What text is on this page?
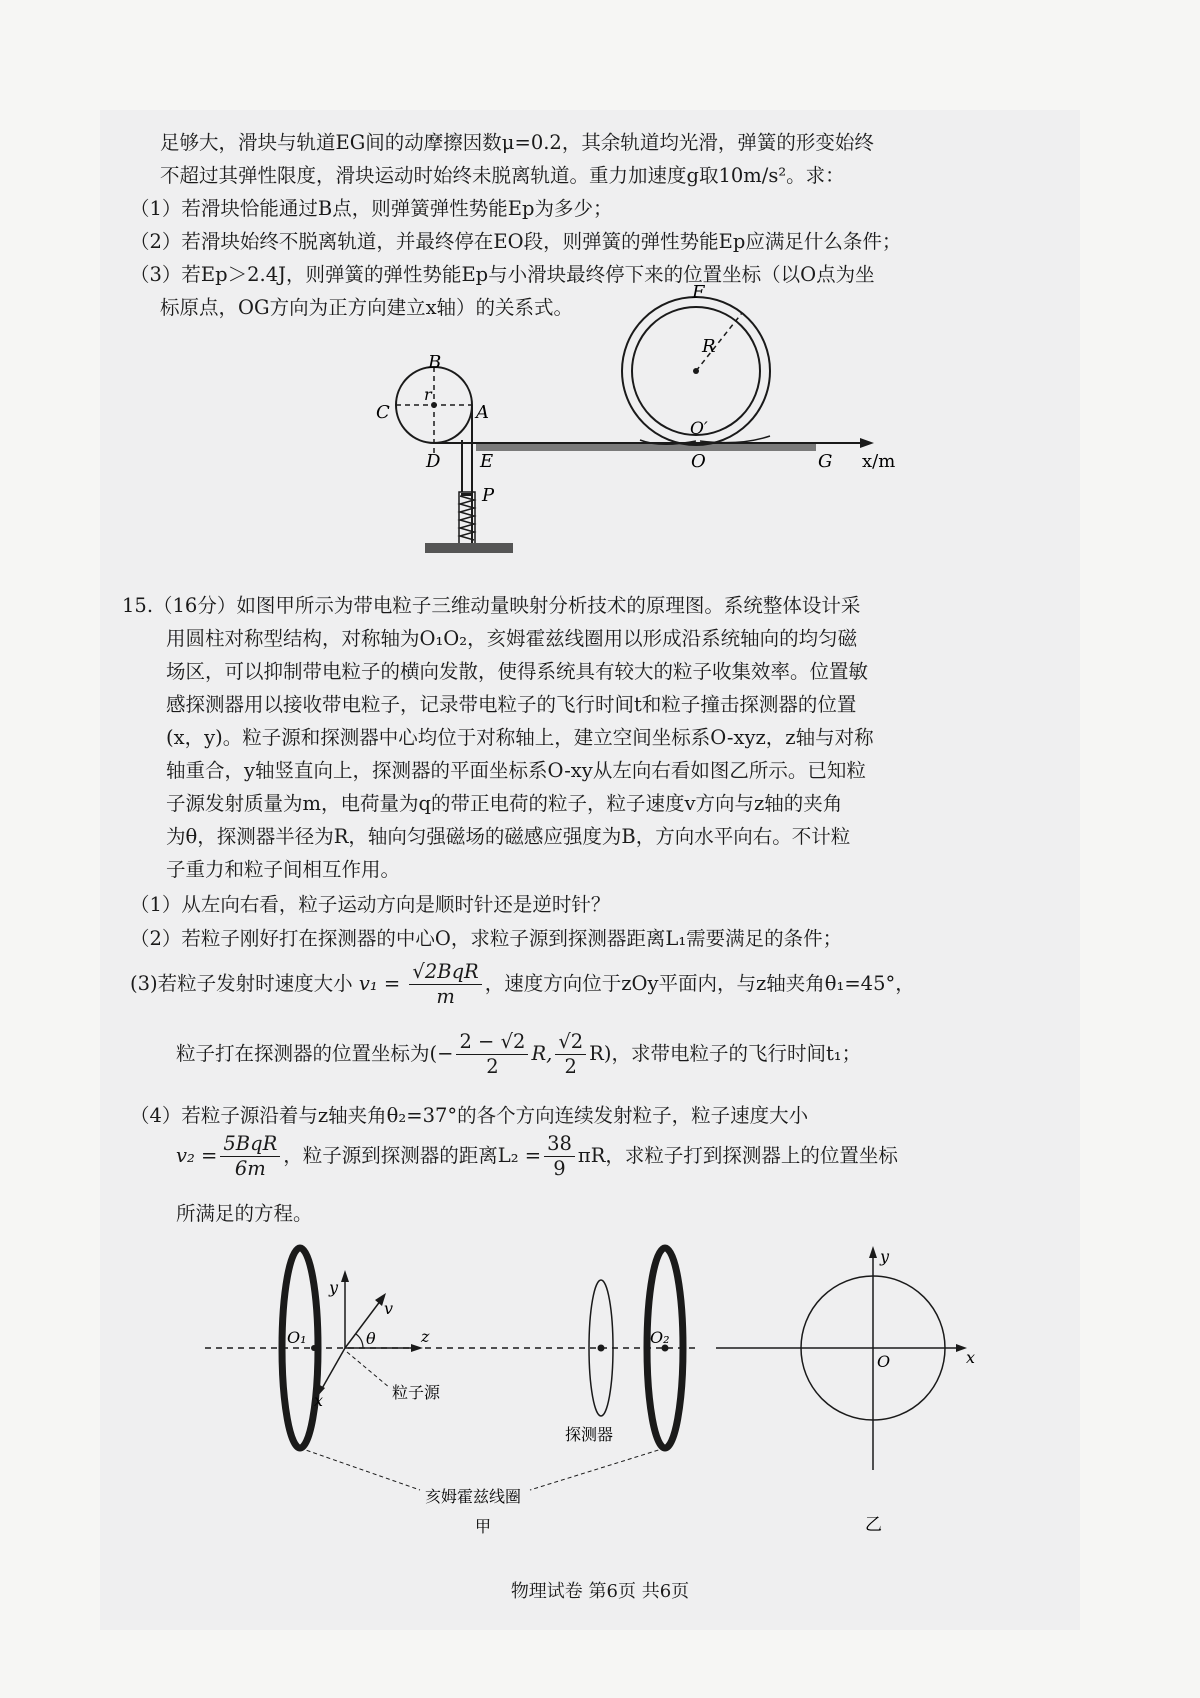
足够大，滑块与轨道EG间的动摩擦因数μ=0.2，其余轨道均光滑，弹簧的形变始终
不超过其弹性限度，滑块运动时始终未脱离轨道。重力加速度g取10m/s²。求：
（1）若滑块恰能通过B点，则弹簧弹性势能Ep为多少；
（2）若滑块始终不脱离轨道，并最终停在EO段，则弹簧的弹性势能Ep应满足什么条件；
（3）若Ep＞2.4J，则弹簧的弹性势能Ep与小滑块最终停下来的位置坐标（以O点为坐
标原点，OG方向为正方向建立x轴）的关系式。
B
r
C	A
D E
P
F
R
O′
O	G x/m
15.（16分）如图甲所示为带电粒子三维动量映射分析技术的原理图。系统整体设计采
用圆柱对称型结构，对称轴为O₁O₂，亥姆霍兹线圈用以形成沿系统轴向的均匀磁
场区，可以抑制带电粒子的横向发散，使得系统具有较大的粒子收集效率。位置敏
感探测器用以接收带电粒子，记录带电粒子的飞行时间t和粒子撞击探测器的位置
(x，y)。粒子源和探测器中心均位于对称轴上，建立空间坐标系O-xyz，z轴与对称
轴重合，y轴竖直向上，探测器的平面坐标系O-xy从左向右看如图乙所示。已知粒
子源发射质量为m，电荷量为q的带正电荷的粒子，粒子速度v方向与z轴的夹角
为θ，探测器半径为R，轴向匀强磁场的磁感应强度为B，方向水平向右。不计粒
子重力和粒子间相互作用。
（1）从左向右看，粒子运动方向是顺时针还是逆时针？
（2）若粒子刚好打在探测器的中心O，求粒子源到探测器距离L₁需要满足的条件；
(3)若粒子发射时速度大小 $v_1 = \frac{\text{√2BqR}}{m}$ ，速度方向位于zOy平面内，与z轴夹角θ₁=45°，
粒子打在探测器的位置坐标为(− $\frac{2 - √2}{2} R$, $\frac{√2}{2} R$)，求带电粒子的飞行时间t₁；
（4）若粒子源沿着与z轴夹角θ₂=37°的各个方向连续发射粒子，粒子速度大小
$v_2 = \frac{\text{5BqR}}{6m}$ ，粒子源到探测器的距离$L_2 = \frac{38}{9}$ πR，求粒子打到探测器上的位置坐标
所满足的方程。
O₁
y
v
θ	z
x	粒子源
探测器
O₂
亥姆霍兹线圈
甲
y
x
O
乙
物理试卷 第6页 共6页
